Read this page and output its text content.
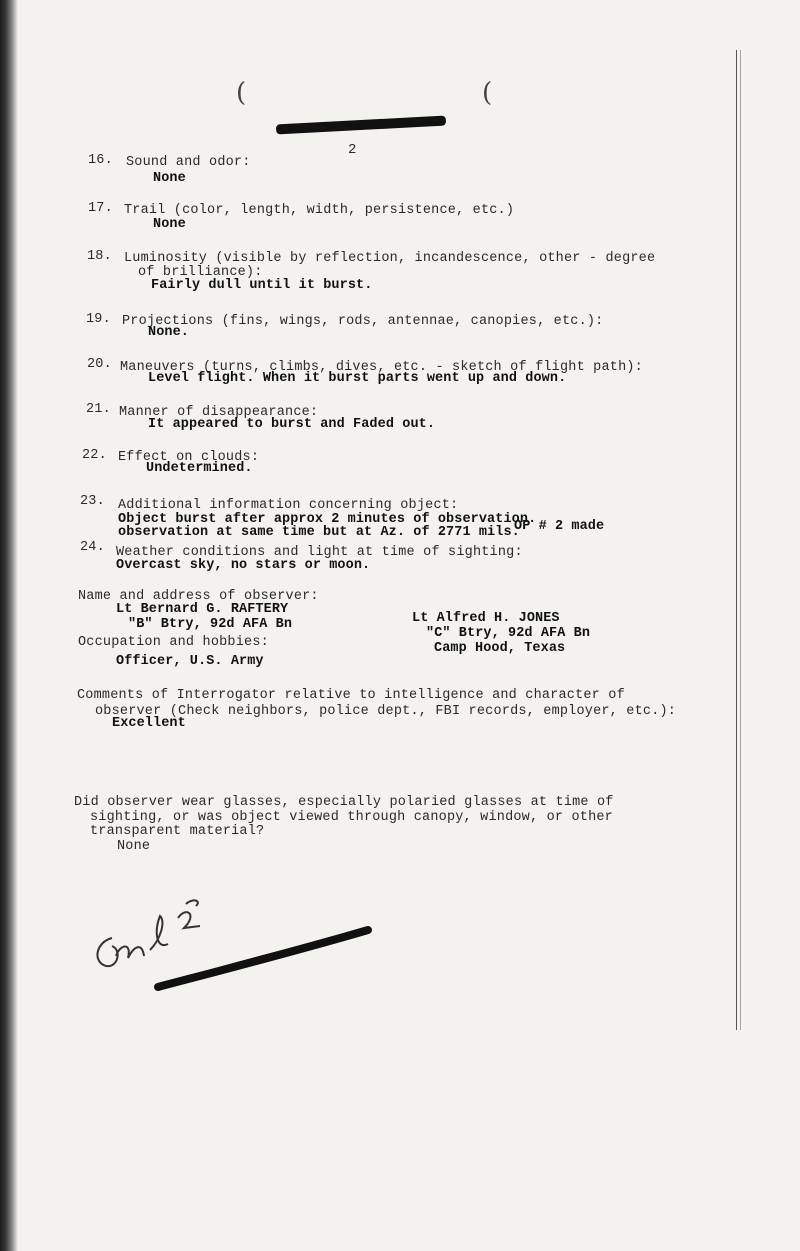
(	(
2
16. Sound and odor:
None
17. Trail (color, length, width, persistence, etc.)
None
18. Luminosity (visible by reflection, incandescence, other - degree
of brilliance):
Fairly dull until it burst.
19. Projections (fins, wings, rods, antennae, canopies, etc.):
None.
20. Maneuvers (turns, climbs, dives, etc. - sketch of flight path):
Level flight. When it burst parts went up and down.
21. Manner of disappearance:
It appeared to burst and Faded out.
22. Effect on clouds:
Undetermined.
23. Additional information concerning object:
Object burst after approx 2 minutes of observation.
observation at same time but at Az. of 2771 mils.
OP # 2 made
24. Weather conditions and light at time of sighting:
Overcast sky, no stars or moon.
Name and address of observer:
Lt Bernard G. RAFTERY
"B" Btry, 92d AFA Bn	Lt Alfred H. JONES
"C" Btry, 92d AFA Bn
Camp Hood, Texas
Occupation and hobbies:
Officer, U.S. Army
Comments of Interrogator relative to intelligence and character of
observer (Check neighbors, police dept., FBI records, employer, etc.):
Excellent
Did observer wear glasses, especially polaried glasses at time of
sighting, or was object viewed through canopy, window, or other
transparent material?
None
